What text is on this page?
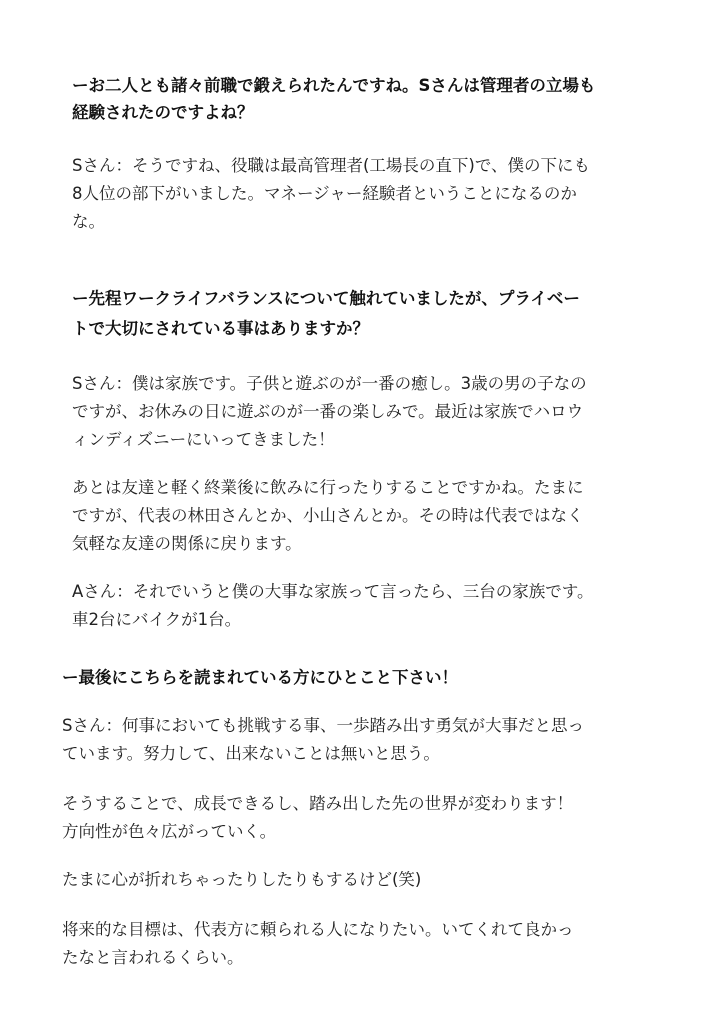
ーお二人とも諸々前職で鍛えられたんですね。Sさんは管理者の立場も
経験されたのですよね？

Sさん：そうですね、役職は最高管理者(工場長の直下)で、僕の下にも
8人位の部下がいました。マネージャー経験者ということになるのか
な。

ー先程ワークライフバランスについて触れていましたが、プライベー
トで大切にされている事はありますか？

Sさん：僕は家族です。子供と遊ぶのが一番の癒し。3歳の男の子なの
ですが、お休みの日に遊ぶのが一番の楽しみで。最近は家族でハロウ
ィンディズニーにいってきました！

あとは友達と軽く終業後に飲みに行ったりすることですかね。たまに
ですが、代表の林田さんとか、小山さんとか。その時は代表ではなく
気軽な友達の関係に戻ります。

Aさん：それでいうと僕の大事な家族って言ったら、三台の家族です。
車2台にバイクが1台。

ー最後にこちらを読まれている方にひとこと下さい！

Sさん：何事においても挑戦する事、一歩踏み出す勇気が大事だと思っ
ています。努力して、出来ないことは無いと思う。

そうすることで、成長できるし、踏み出した先の世界が変わります！
方向性が色々広がっていく。

たまに心が折れちゃったりしたりもするけど(笑)

将来的な目標は、代表方に頼られる人になりたい。いてくれて良かっ
たなと言われるくらい。
